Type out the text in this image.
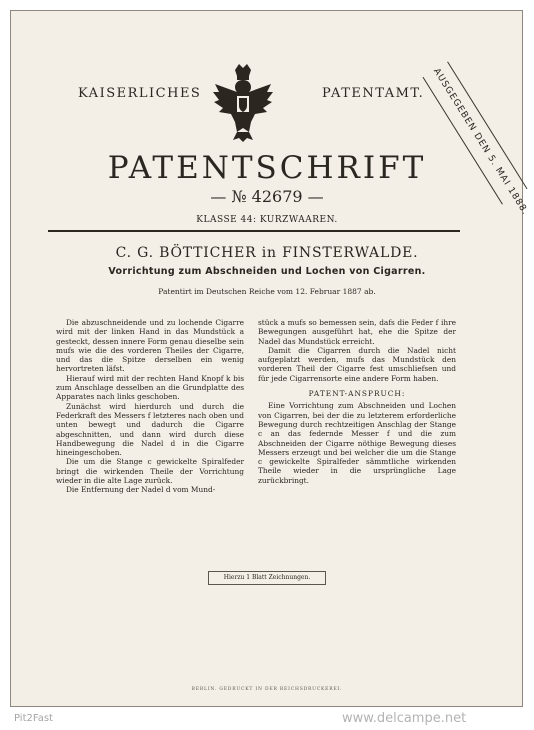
KAISERLICHES	PATENTAMT. AUSGEGEBEN DEN 5. MAI 1888.
PATENTSCHRIFT
— № 42679 —
KLASSE 44: KURZWAAREN.
C. G. BÖTTICHER in FINSTERWALDE.
Vorrichtung zum Abschneiden und Lochen von Cigarren.
Patentirt im Deutschen Reiche vom 12. Februar 1887 ab.

Die abzuschneidende und zu lochende Cigarre wird mit der linken Hand in das Mundstück a gesteckt, dessen innere Form genau dieselbe sein mufs wie die des vorderen Theiles der Cigarre, und das die Spitze derselben ein wenig hervortreten läfst.

Hierauf wird mit der rechten Hand Knopf k bis zum Anschlage desselben an die Grundplatte des Apparates nach links geschoben.

Zunächst wird hierdurch und durch die Federkraft des Messers f letzteres nach oben und unten bewegt und dadurch die Cigarre abgeschnitten, und dann wird durch diese Handbewegung die Nadel d in die Cigarre hineingeschoben.

Die um die Stange c gewickelte Spiralfeder bringt die wirkenden Theile der Vorrichtung wieder in die alte Lage zurück.

Die Entfernung der Nadel d vom Mund-

stück a mufs so bemessen sein, dafs die Feder f ihre Bewegungen ausgeführt hat, ehe die Spitze der Nadel das Mundstück erreicht.

Damit die Cigarren durch die Nadel nicht aufgeplatzt werden, mufs das Mundstück den vorderen Theil der Cigarre fest umschliefsen und für jede Cigarrensorte eine andere Form haben.

PATENT-ANSPRUCH:

Eine Vorrichtung zum Abschneiden und Lochen von Cigarren, bei der die zu letzterem erforderliche Bewegung durch rechtzeitigen Anschlag der Stange c an das federnde Messer f und die zum Abschneiden der Cigarre nöthige Bewegung dieses Messers erzeugt und bei welcher die um die Stange c gewickelte Spiralfeder sämmtliche wirkenden Theile wieder in die ursprüngliche Lage zurückbringt.

Hierzu 1 Blatt Zeichnungen.
BERLIN. GEDRUCKT IN DER REICHSDRUCKEREI.
Pit2Fast	www.delcampe.net
